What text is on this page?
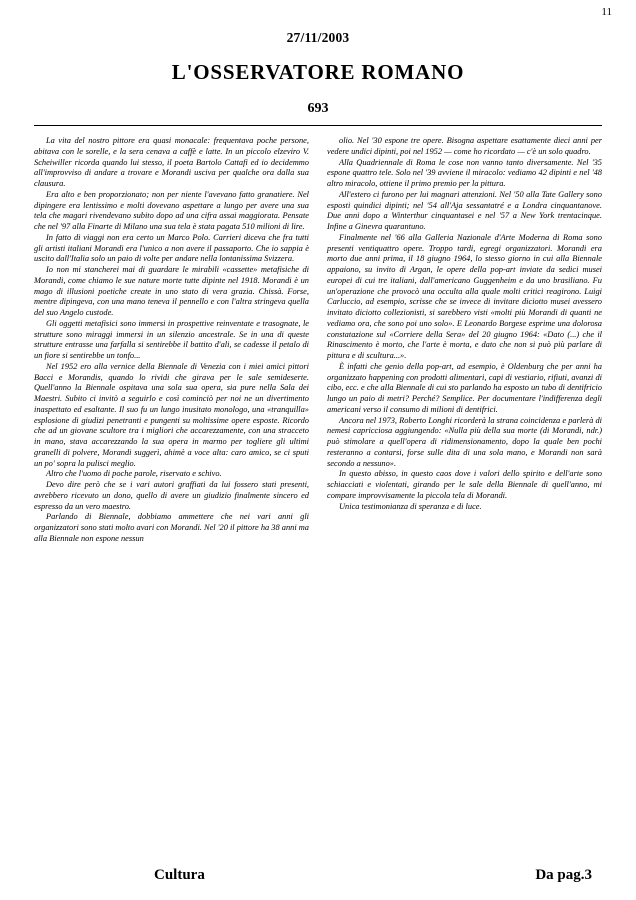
11
27/11/2003
L'OSSERVATORE ROMANO
693

La vita del nostro pittore era quasi monacale: frequentava poche persone, abitava con le sorelle, e la sera cenava a caffè e latte. In un piccolo elzeviro V. Scheiwiller ricorda quando lui stesso, il poeta Bartolo Cattafi ed io decidemmo all'improvviso di andare a trovare e Morandi usciva per qualche ora dalla sua clausura.

Era alto e ben proporzionato; non per niente l'avevano fatto granatiere. Nel dipingere era lentissimo e molti dovevano aspettare a lungo per avere una sua tela che magari rivendevano subito dopo ad una cifra assai maggiorata. Pensate che nel '97 alla Finarte di Milano una sua tela è stata pagata 510 milioni di lire.

In fatto di viaggi non era certo un Marco Polo. Carrieri diceva che fra tutti gli artisti italiani Morandi era l'unico a non avere il passaporto. Che io sappia è uscito dall'Italia solo un paio di volte per andare nella lontanissima Svizzera.

Io non mi stancherei mai di guardare le mirabili «cassette» metafisiche di Morandi, come chiamo le sue nature morte tutte dipinte nel 1918. Morandi è un mago di illusioni poetiche create in uno stato di vera grazia. Chissà. Forse, mentre dipingeva, con una mano teneva il pennello e con l'altra stringeva quella del suo Angelo custode.

Gli oggetti metafisici sono immersi in prospettive reinventate e trasognate, le strutture sono miraggi immersi in un silenzio ancestrale. Se in una di queste strutture entrasse una farfalla si sentirebbe il battito d'ali, se cadesse il petalo di un fiore si sentirebbe un tonfo...

Nel 1952 ero alla vernice della Biennale di Venezia con i miei amici pittori Bacci e Morandis, quando lo rividi che girava per le sale semideserte. Quell'anno la Biennale ospitava una sola sua opera, sia pure nella Sala dei Maestri. Subito ci invitò a seguirlo e così cominciò per noi ne un divertimento inaspettato ed esaltante. Il suo fu un lungo inusitato monologo, una «tranquilla» esplosione di giudizi penetranti e pungenti su moltissime opere esposte. Ricordo che ad un giovane scultore tra i migliori che accarezzamente, con una stracceto in mano, stava accarezzando la sua opera in marmo per togliere gli ultimi granelli di polvere, Morandi suggerì, ahimè a voce alta: caro amico, se ci sputi un po' sopra la pulisci meglio.

Altro che l'uomo di poche parole, riservato e schivo.

Devo dire però che se i vari autori graffiati da lui fossero stati presenti, avrebbero ricevuto un dono, quello di avere un giudizio finalmente sincero ed espresso da un vero maestro.

Parlando di Biennale, dobbiamo ammettere che nei vari anni gli organizzatori sono stati molto avari con Morandi. Nel '20 il pittore ha 38 anni ma alla Biennale non espone nessun

olio. Nel '30 espone tre opere. Bisogna aspettare esattamente dieci anni per vedere undici dipinti, poi nel 1952 — come ho ricordato — c'è un solo quadro.

Alla Quadriennale di Roma le cose non vanno tanto diversamente. Nel '35 espone quattro tele. Solo nel '39 avviene il miracolo: vediamo 42 dipinti e nel '48 altro miracolo, ottiene il primo premio per la pittura.

All'estero ci furono per lui magnari attenzioni. Nel '50 alla Tate Gallery sono esposti quindici dipinti; nel '54 all'Aja sessantatré e a Londra cinquantanove. Due anni dopo a Winterthur cinquantasei e nel '57 a New York trentacinque. Infine a Ginevra quarantuno.

Finalmente nel '66 alla Galleria Nazionale d'Arte Moderna di Roma sono presenti ventiquattro opere. Troppo tardi, egregi organizzatori. Morandi era morto due anni prima, il 18 giugno 1964, lo stesso giorno in cui alla Biennale appaiono, su invito di Argan, le opere della pop-art inviate da sedici musei europei di cui tre italiani, dall'americano Guggenheim e da uno brasiliano. Fu un'operazione che provocò una occulta alla quale molti critici reagirono. Luigi Carluccio, ad esempio, scrisse che se invece di invitare diciotto musei avessero invitato diciotto collezionisti, si sarebbero visti «molti più Morandi di quanti ne vediamo ora, che sono poi uno solo». E Leonardo Borgese esprime una dolorosa constatazione sul «Corriere della Sera» del 20 giugno 1964: «Dato (...) che il Rinascimento è morto, che l'arte è morta, e dato che non si può più parlare di pittura e di scultura...».

È infatti che genio della pop-art, ad esempio, è Oldenburg che per anni ha organizzato happening con prodotti alimentari, capi di vestiario, rifiuti, avanzi di cibo, ecc. e che alla Biennale di cui sto parlando ha esposto un tubo di dentifricio lungo un paio di metri? Perché? Semplice. Per documentare l'indifferenza degli americani verso il consumo di milioni di dentifrici.

Ancora nel 1973, Roberto Longhi ricorderà la strana coincidenza e parlerà di nemesi capricciosa aggiungendo: «Nulla più della sua morte (di Morandi, ndr.) può stimolare a quell'opera di ridimensionamento, dopo la quale ben pochi resteranno a contarsi, forse sulle dita di una sola mano, e Morandi non sarà secondo a nessuno».

In questo abisso, in questo caos dove i valori dello spirito e dell'arte sono schiacciati e violentati, girando per le sale della Biennale di quell'anno, mi compare improvvisamente la piccola tela di Morandi.

Unica testimonianza di speranza e di luce.

Cultura	Da pag.3
